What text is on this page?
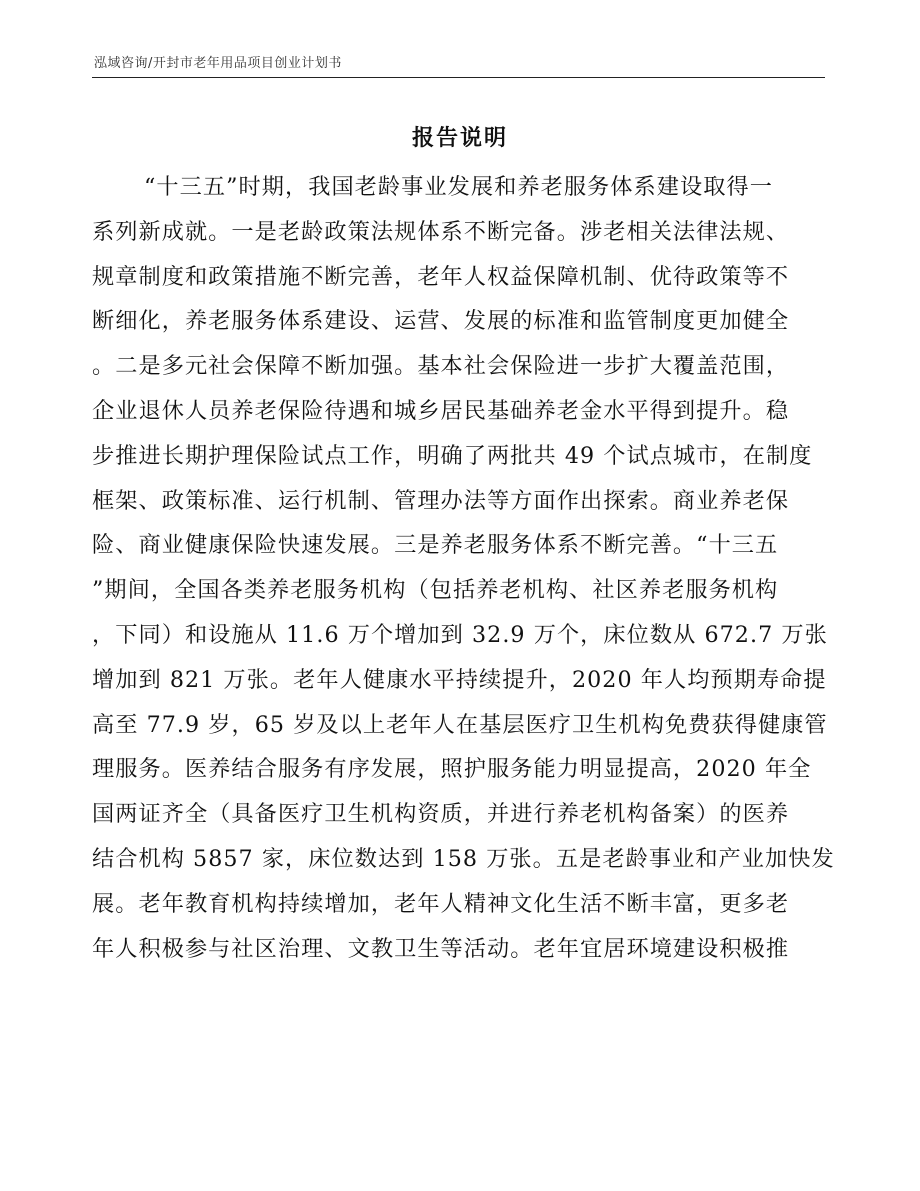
泓域咨询/开封市老年用品项目创业计划书
报告说明
“十三五”时期，我国老龄事业发展和养老服务体系建设取得一
系列新成就。一是老龄政策法规体系不断完备。涉老相关法律法规、
规章制度和政策措施不断完善，老年人权益保障机制、优待政策等不
断细化，养老服务体系建设、运营、发展的标准和监管制度更加健全
。二是多元社会保障不断加强。基本社会保险进一步扩大覆盖范围，
企业退休人员养老保险待遇和城乡居民基础养老金水平得到提升。稳
步推进长期护理保险试点工作，明确了两批共 49 个试点城市，在制度
框架、政策标准、运行机制、管理办法等方面作出探索。商业养老保
险、商业健康保险快速发展。三是养老服务体系不断完善。“十三五
”期间，全国各类养老服务机构（包括养老机构、社区养老服务机构
，下同）和设施从 11.6 万个增加到 32.9 万个，床位数从 672.7 万张
增加到 821 万张。老年人健康水平持续提升，2020 年人均预期寿命提
高至 77.9 岁，65 岁及以上老年人在基层医疗卫生机构免费获得健康管
理服务。医养结合服务有序发展，照护服务能力明显提高，2020 年全
国两证齐全（具备医疗卫生机构资质，并进行养老机构备案）的医养
结合机构 5857 家，床位数达到 158 万张。五是老龄事业和产业加快发
展。老年教育机构持续增加，老年人精神文化生活不断丰富，更多老
年人积极参与社区治理、文教卫生等活动。老年宜居环境建设积极推
